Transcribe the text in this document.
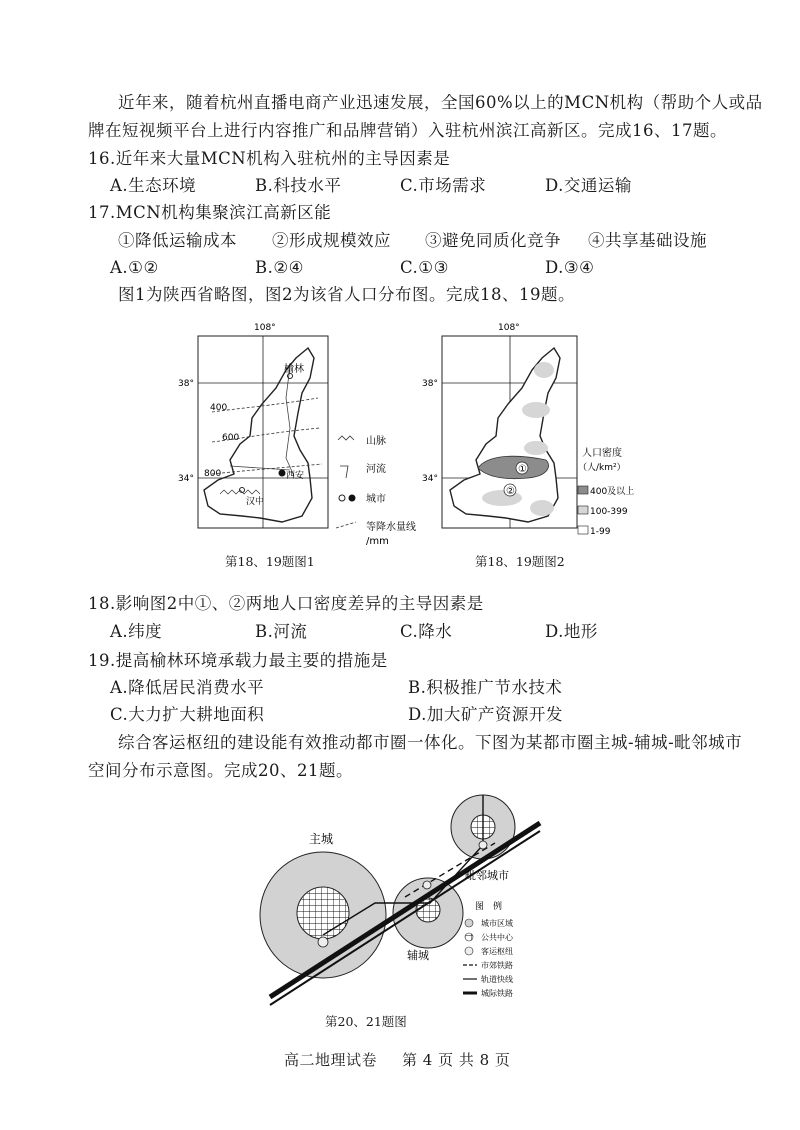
近年来，随着杭州直播电商产业迅速发展，全国60%以上的MCN机构（帮助个人或品
牌在短视频平台上进行内容推广和品牌营销）入驻杭州滨江高新区。完成16、17题。
16.近年来大量MCN机构入驻杭州的主导因素是
A.生态环境	B.科技水平	C.市场需求	D.交通运输
17.MCN机构集聚滨江高新区能
①降低运输成本 ②形成规模效应 ③避免同质化竞争 ④共享基础设施
A.①②	B.②④	C.①③	D.③④
图1为陕西省略图，图2为该省人口分布图。完成18、19题。
108°
38°
34°
400
600
800
榆林
西安
汉中
山脉
河流
城市
等降水量线
/mm
第18、19题图1
108°
38°
34°
①
②
人口密度
（人/km²）
400及以上
100-399
1-99
第18、19题图2
18.影响图2中①、②两地人口密度差异的主导因素是
A.纬度	B.河流	C.降水	D.地形
19.提高榆林环境承载力最主要的措施是
A.降低居民消费水平	B.积极推广节水技术
C.大力扩大耕地面积	D.加大矿产资源开发
综合客运枢纽的建设能有效推动都市圈一体化。下图为某都市圈主城-辅城-毗邻城市
空间分布示意图。完成20、21题。
主城
辅城
毗邻城市
图　例
城市区域
公共中心
客运枢纽
市郊铁路
轨道快线
城际铁路
第20、21题图
高二地理试卷 第 4 页 共 8 页
